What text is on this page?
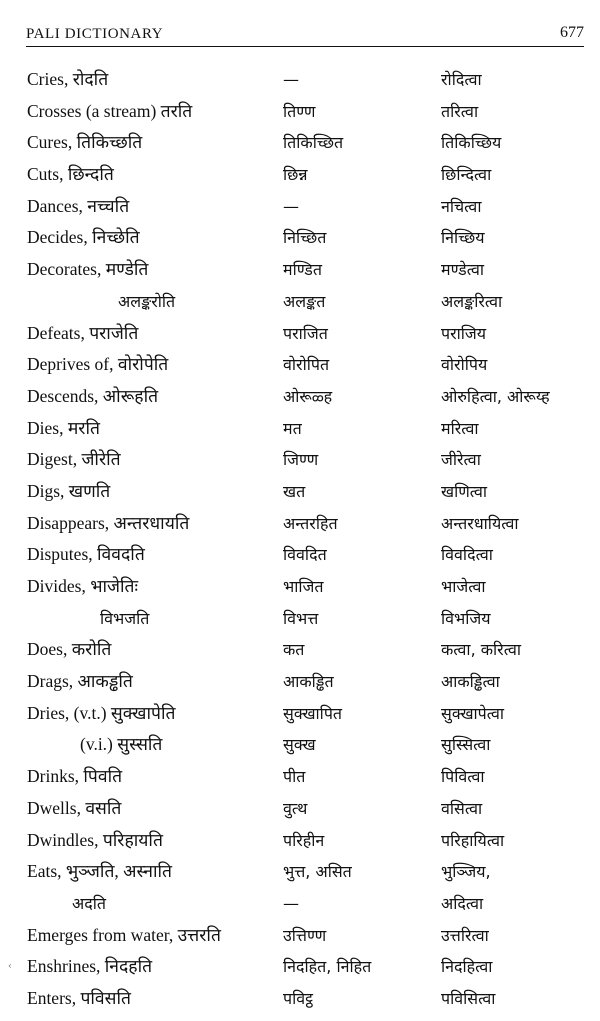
PALI DICTIONARY	677
Cries, रोदति	—	रोदित्वा
Crosses (a stream) तरति	तिण्ण	तरित्वा
Cures, तिकिच्छति	तिकिच्छित	तिकिच्छिय
Cuts, छिन्दति	छिन्न	छिन्दित्वा
Dances, नच्चति	—	नचित्वा
Decides, निच्छेति	निच्छित	निच्छिय
Decorates, मण्डेति	मण्डित	मण्डेत्वा
अलङ्करोति	अलङ्कत	अलङ्करित्वा
Defeats, पराजेति	पराजित	पराजिय
Deprives of, वोरोपेति	वोरोपित	वोरोपिय
Descends, ओरूहति	ओरूळ्ह	ओरुहित्वा, ओरूय्ह
Dies, मरति	मत	मरित्वा
Digest, जीरेति	जिण्ण	जीरेत्वा
Digs, खणति	खत	खणित्वा
Disappears, अन्तरधायति	अन्तरहित	अन्तरधायित्वा
Disputes, विवदति	विवदित	विवदित्वा
Divides, भाजेतिः	भाजित	भाजेत्वा
विभजति	विभत्त	विभजिय
Does, करोति	कत	कत्वा, करित्वा
Drags, आकड्ढति	आकड्ढित	आकड्ढित्वा
Dries, (v.t.) सुक्खापेति	सुक्खापित	सुक्खापेत्वा
(v.i.) सुस्सति	सुक्ख	सुस्सित्वा
Drinks, पिवति	पीत	पिवित्वा
Dwells, वसति	वुत्थ	वसित्वा
Dwindles, परिहायति	परिहीन	परिहायित्वा
Eats, भुञ्जति, अस्नाति	भुत्त, असित	भुञ्जिय,
अदति	—	अदित्वा
Emerges from water, उत्तरति	उत्तिण्ण	उत्तरित्वा
‹ Enshrines, निदहति	निदहित, निहित	निदहित्वा
Enters, पविसति	पविट्ठ	पविसित्वा
